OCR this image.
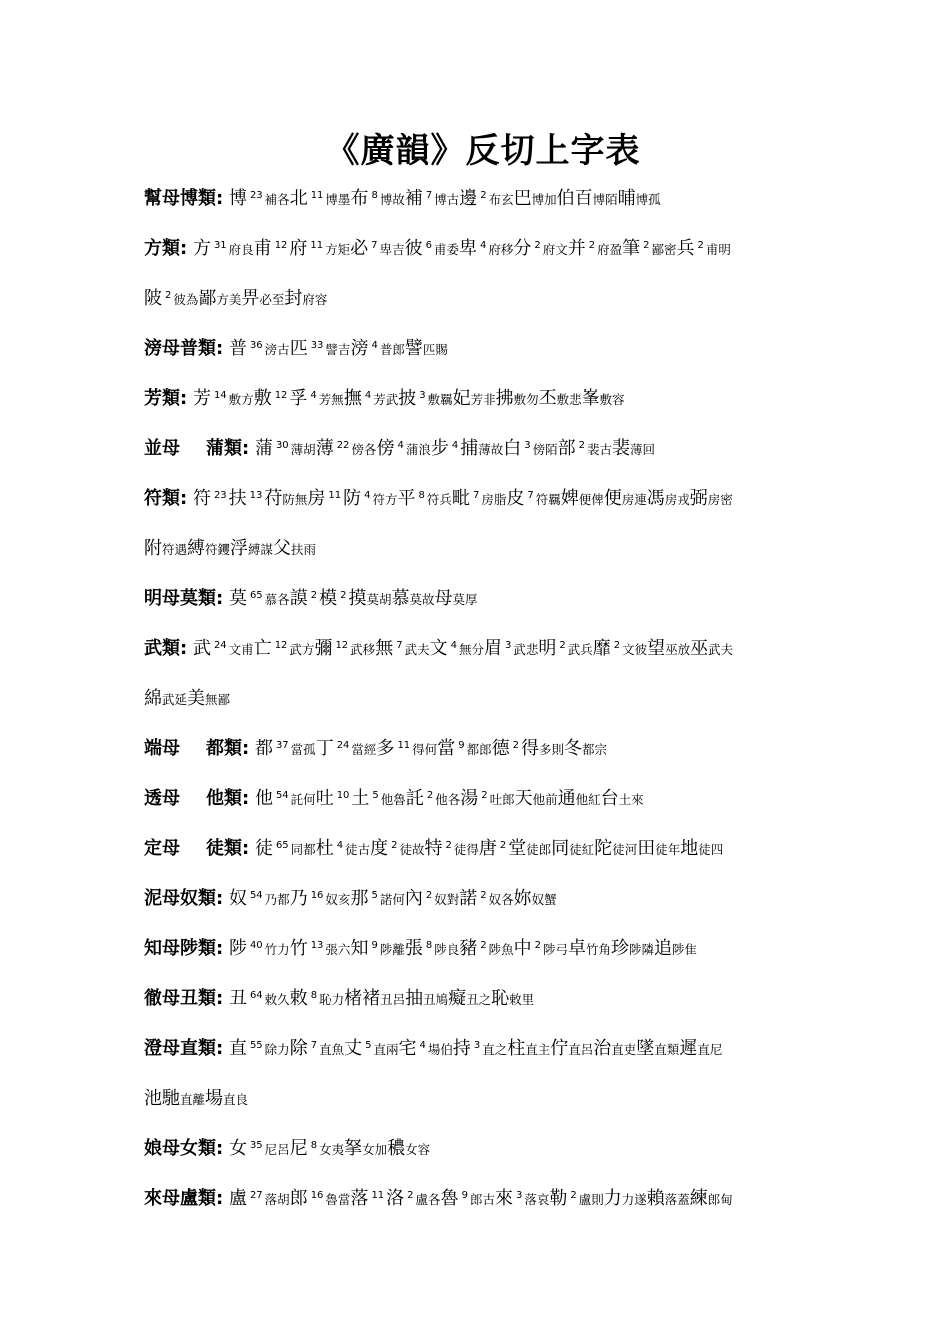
《廣韻》反切上字表
幫母博類: 博 $^{23}$ 補各北 $^{11}$ 博墨布 $^8$ 博故補 $^7$ 博古邊 $^2$ 布玄巴博加伯百博陌晡博孤
方類: 方 $^{31}$ 府良甫 $^{12}$ 府 $^{11}$ 方矩必 $^7$ 卑吉彼 $^6$ 甫委卑 $^4$ 府移分 $^2$ 府文并 $^2$ 府盈筆 $^2$ 鄙密兵 $^2$ 甫明
陂 $^2$ 彼為鄙方美畀必至封府容
滂母普類: 普 $^{36}$ 滂古匹 $^{33}$ 譬吉滂 $^4$ 普郎譬匹賜
芳類: 芳 $^{14}$ 敷方敷 $^{12}$ 孚 $^4$ 芳無撫 $^4$ 芳武披 $^3$ 敷羈妃芳非拂敷勿丕敷悲峯敷容
並母 蒲類: 蒲 $^{30}$ 薄胡薄 $^{22}$ 傍各傍 $^4$ 蒲浪步 $^4$ 捕薄故白 $^3$ 傍陌部 $^2$ 裴古裴薄回
符類: 符 $^{23}$ 扶 $^{13}$ 苻防無房 $^{11}$ 防 $^4$ 符方平 $^8$ 符兵毗 $^7$ 房脂皮 $^7$ 符羈婢便俾便房連馮房戎弼房密
附符遇縛符钁浮縛謀父扶雨
明母莫類: 莫 $^{65}$ 慕各謨 $^2$ 模 $^2$ 摸莫胡慕莫故母莫厚
武類: 武 $^{24}$ 文甫亡 $^{12}$ 武方彌 $^{12}$ 武移無 $^7$ 武夫文 $^4$ 無分眉 $^3$ 武悲明 $^2$ 武兵靡 $^2$ 文彼望巫放巫武夫
綿武延美無鄙
端母 都類: 都 $^{37}$ 當孤丁 $^{24}$ 當經多 $^{11}$ 得何當 $^9$ 都郎德 $^2$ 得多則冬都宗
透母 他類: 他 $^{54}$ 託何吐 $^{10}$ 土 $^5$ 他魯託 $^2$ 他各湯 $^2$ 吐郎天他前通他紅台土來
定母 徒類: 徒 $^{65}$ 同都杜 $^4$ 徒古度 $^2$ 徒故特 $^2$ 徒得唐 $^2$ 堂徒郎同徒紅陀徒河田徒年地徒四
泥母奴類: 奴 $^{54}$ 乃都乃 $^{16}$ 奴亥那 $^5$ 諾何內 $^2$ 奴對諾 $^2$ 奴各妳奴蟹
知母陟類: 陟 $^{40}$ 竹力竹 $^{13}$ 張六知 $^9$ 陟離張 $^8$ 陟良豬 $^2$ 陟魚中 $^2$ 陟弓卓竹角珍陟隣追陟隹
徹母丑類: 丑 $^{64}$ 敕久敕 $^8$ 恥力楮褚丑呂抽丑鳩癡丑之恥敕里
澄母直類: 直 $^{55}$ 除力除 $^7$ 直魚丈 $^5$ 直兩宅 $^4$ 場伯持 $^3$ 直之柱直主佇直呂治直吏墜直類遲直尼
池馳直離場直良
娘母女類: 女 $^{35}$ 尼呂尼 $^8$ 女夷拏女加穠女容
來母盧類: 盧 $^{27}$ 落胡郎 $^{16}$ 魯當落 $^{11}$ 洛 $^2$ 盧各魯 $^9$ 郎古來 $^3$ 落哀勒 $^2$ 盧則力力遂賴落蓋練郎甸
